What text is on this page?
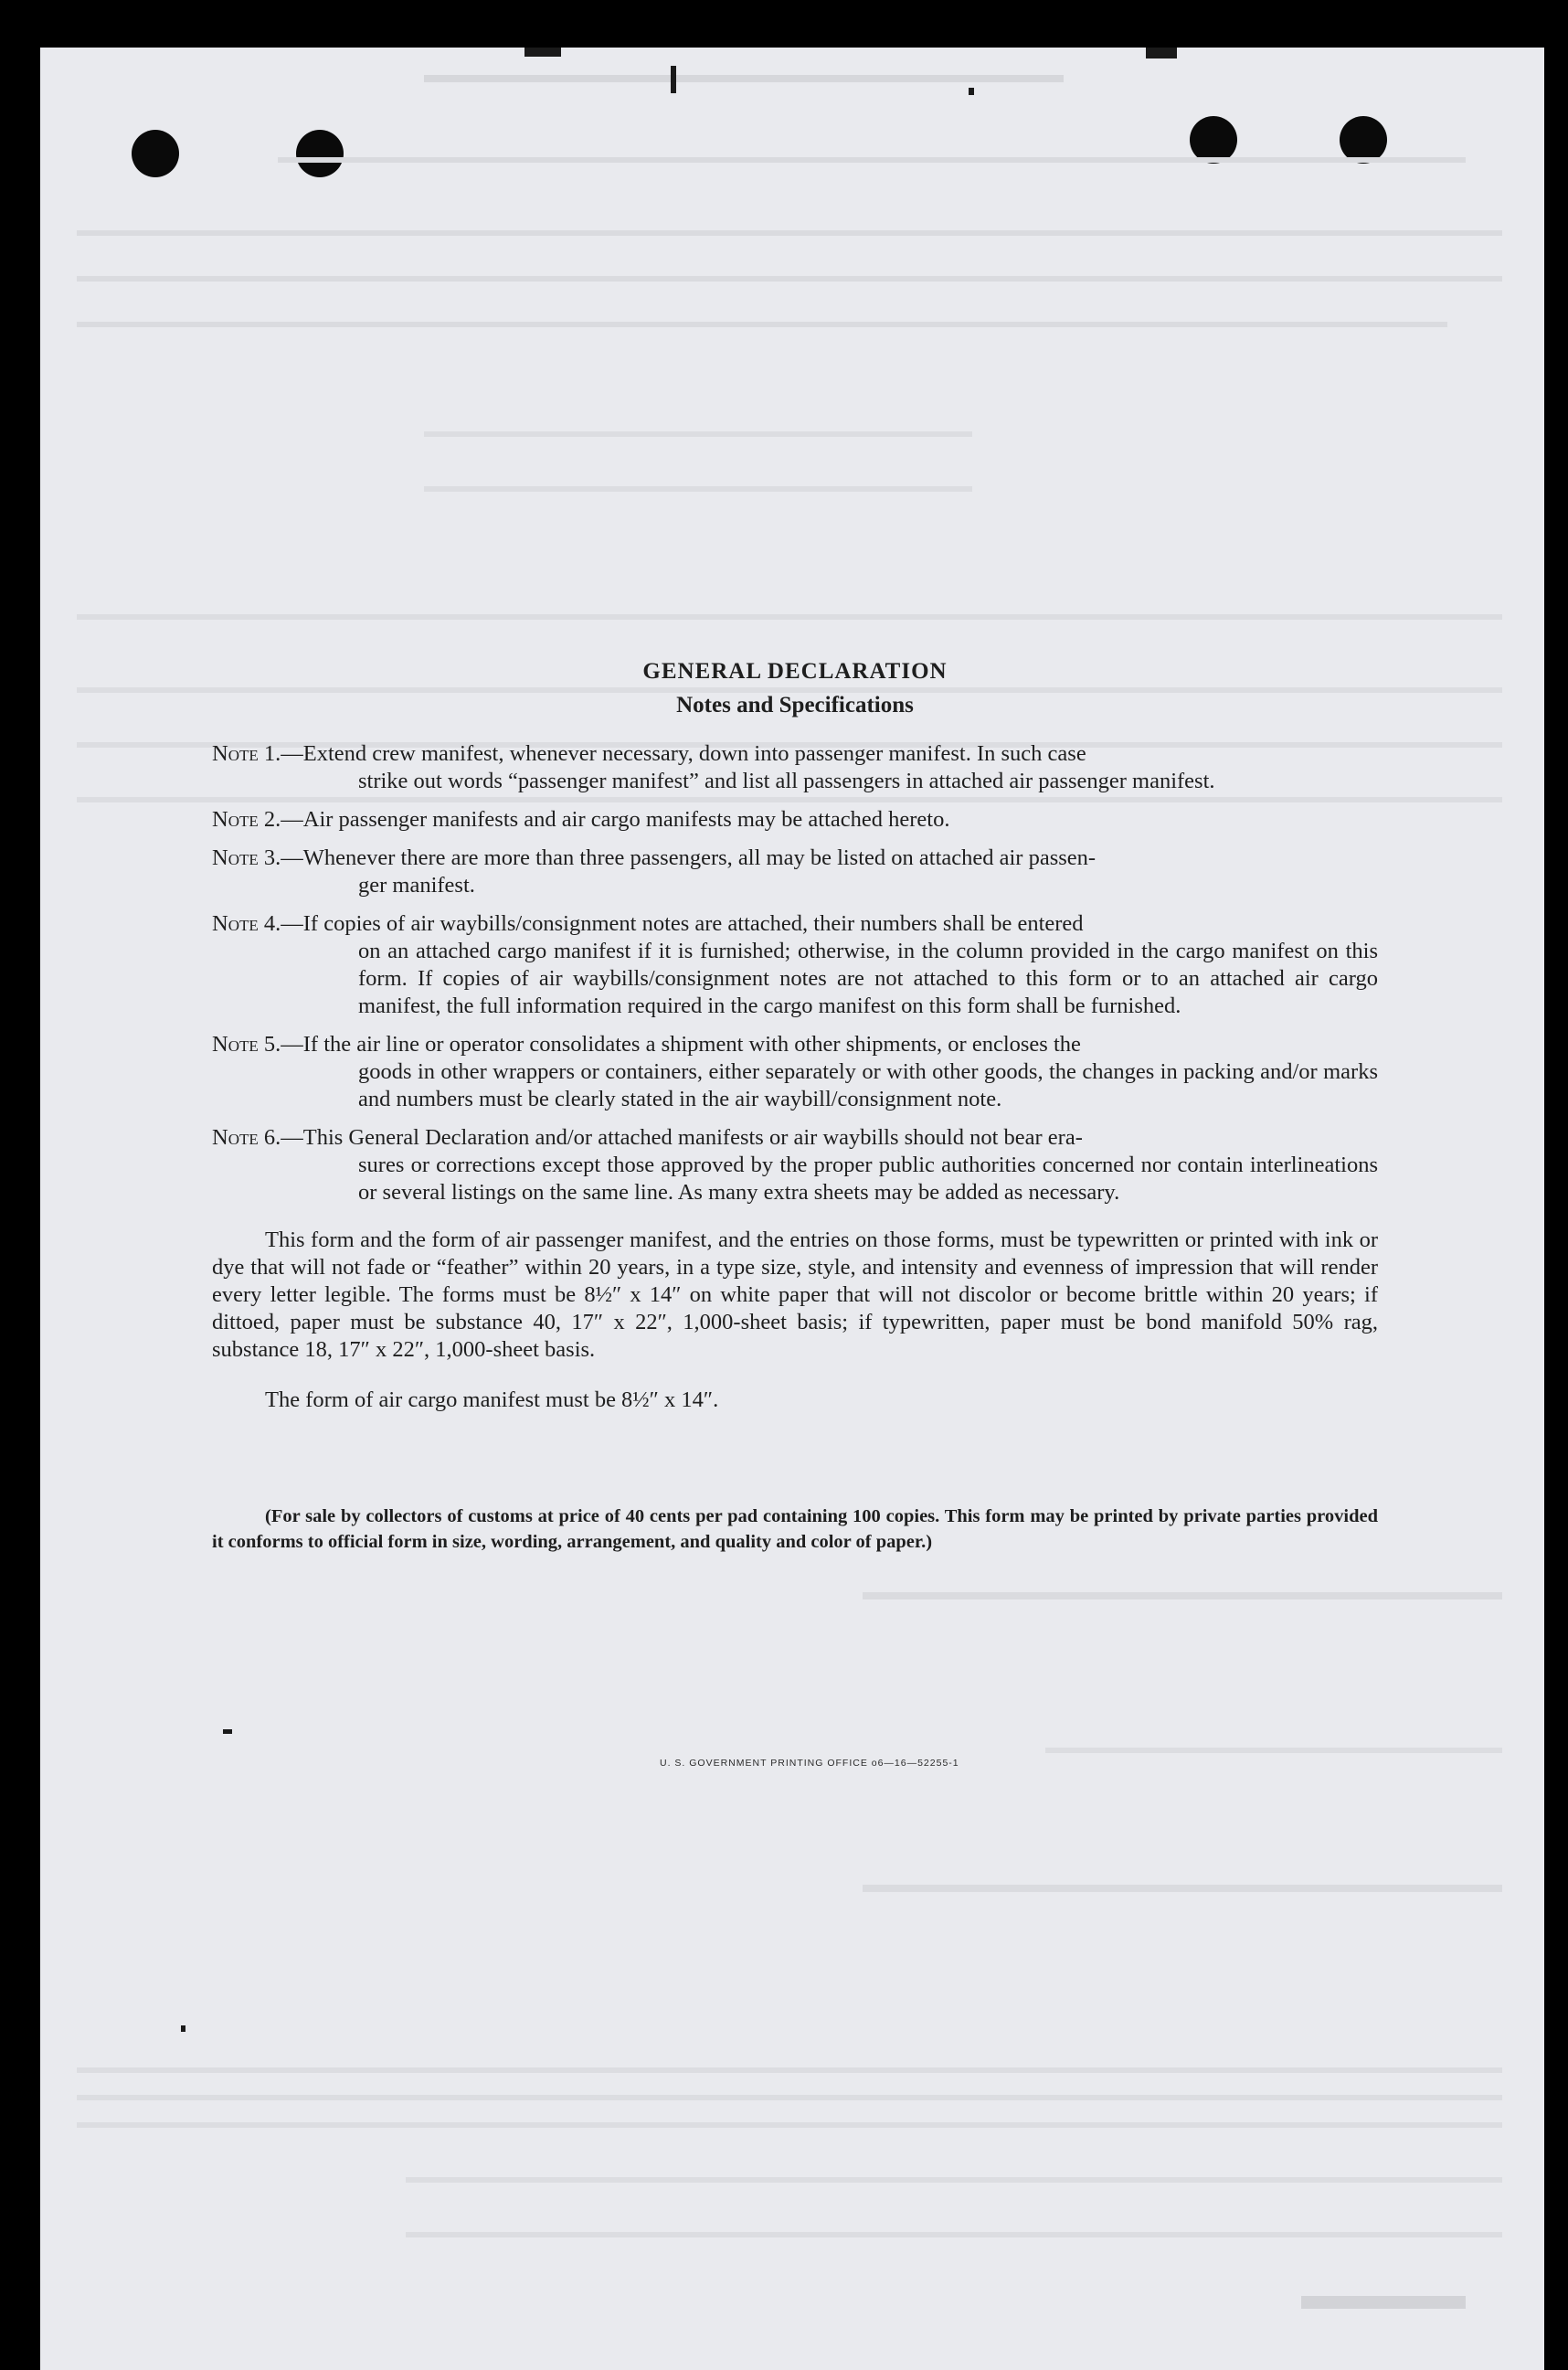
U. S. GOVERNMENT PRINTING OFFICE o6—16—52255-1
GENERAL DECLARATION
Notes and Specifications
Note 1.—Extend crew manifest, whenever necessary, down into passenger manifest. In such case
strike out words “passenger manifest” and list all passengers in attached air passenger manifest.
Note 2.—Air passenger manifests and air cargo manifests may be attached hereto.
Note 3.—Whenever there are more than three passengers, all may be listed on attached air passen-
ger manifest.
Note 4.—If copies of air waybills/consignment notes are attached, their numbers shall be entered
on an attached cargo manifest if it is furnished; otherwise, in the column provided in the cargo manifest on this form. If copies of air waybills/consignment notes are not attached to this form or to an attached air cargo manifest, the full information required in the cargo manifest on this form shall be furnished.
Note 5.—If the air line or operator consolidates a shipment with other shipments, or encloses the
goods in other wrappers or containers, either separately or with other goods, the changes in packing and/or marks and numbers must be clearly stated in the air waybill/consignment note.
Note 6.—This General Declaration and/or attached manifests or air waybills should not bear era-
sures or corrections except those approved by the proper public authorities concerned nor contain interlineations or several listings on the same line. As many extra sheets may be added as necessary.

This form and the form of air passenger manifest, and the entries on those forms, must be typewritten or printed with ink or dye that will not fade or “feather” within 20 years, in a type size, style, and intensity and evenness of impression that will render every letter legible. The forms must be 8½″ x 14″ on white paper that will not discolor or become brittle within 20 years; if dittoed, paper must be substance 40, 17″ x 22″, 1,000-sheet basis; if typewritten, paper must be bond manifold 50% rag, substance 18, 17″ x 22″, 1,000-sheet basis.

The form of air cargo manifest must be 8½″ x 14″.

(For sale by collectors of customs at price of 40 cents per pad containing 100 copies. This form may be printed by private parties provided it conforms to official form in size, wording, arrangement, and quality and color of paper.)
